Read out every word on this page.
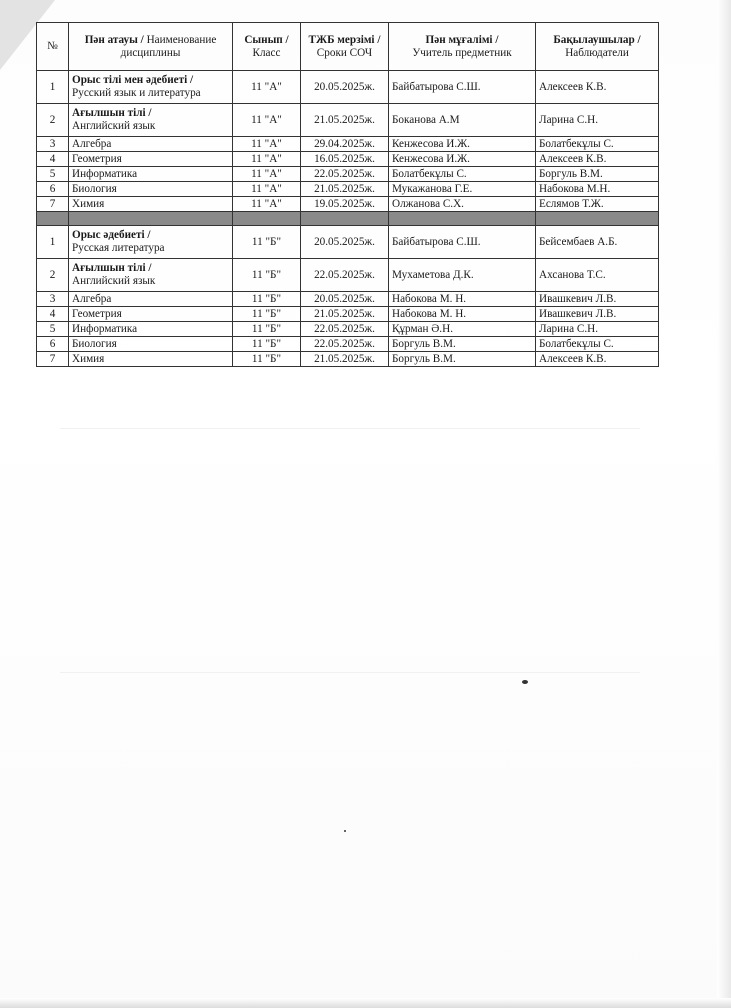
№	Пән атауы / Наименование дисциплины	Сынып / Класс	ТЖБ мерзімі / Сроки СОЧ	Пән мұғалімі /
Учитель предметник	Бақылаушылар /
Наблюдатели
1	Орыс тілі мен әдебиеті /
Русский язык и литература	11 "А"	20.05.2025ж.	Байбатырова С.Ш.	Алексеев К.В.
2	Ағылшын тілі /
Английский язык	11 "А"	21.05.2025ж.	Боканова А.М	Ларина С.Н.
3	Алгебра	11 "А"	29.04.2025ж.	Кенжесова И.Ж.	Болатбекұлы С.
4	Геометрия	11 "А"	16.05.2025ж.	Кенжесова И.Ж.	Алексеев К.В.
5	Информатика	11 "А"	22.05.2025ж.	Болатбекұлы С.	Боргуль В.М.
6	Биология	11 "А"	21.05.2025ж.	Мукажанова Г.Е.	Набокова М.Н.
7	Химия	11 "А"	19.05.2025ж.	Олжанова С.Х.	Еслямов Т.Ж.

1	Орыс әдебиеті /
Русская литература	11 "Б"	20.05.2025ж.	Байбатырова С.Ш.	Бейсембаев А.Б.
2	Ағылшын тілі /
Английский язык	11 "Б"	22.05.2025ж.	Мухаметова Д.К.	Ахсанова Т.С.
3	Алгебра	11 "Б"	20.05.2025ж.	Набокова М. Н.	Ивашкевич Л.В.
4	Геометрия	11 "Б"	21.05.2025ж.	Набокова М. Н.	Ивашкевич Л.В.
5	Информатика	11 "Б"	22.05.2025ж.	Құрман Ә.Н.	Ларина С.Н.
6	Биология	11 "Б"	22.05.2025ж.	Боргуль В.М.	Болатбекұлы С.
7	Химия	11 "Б"	21.05.2025ж.	Боргуль В.М.	Алексеев К.В.
